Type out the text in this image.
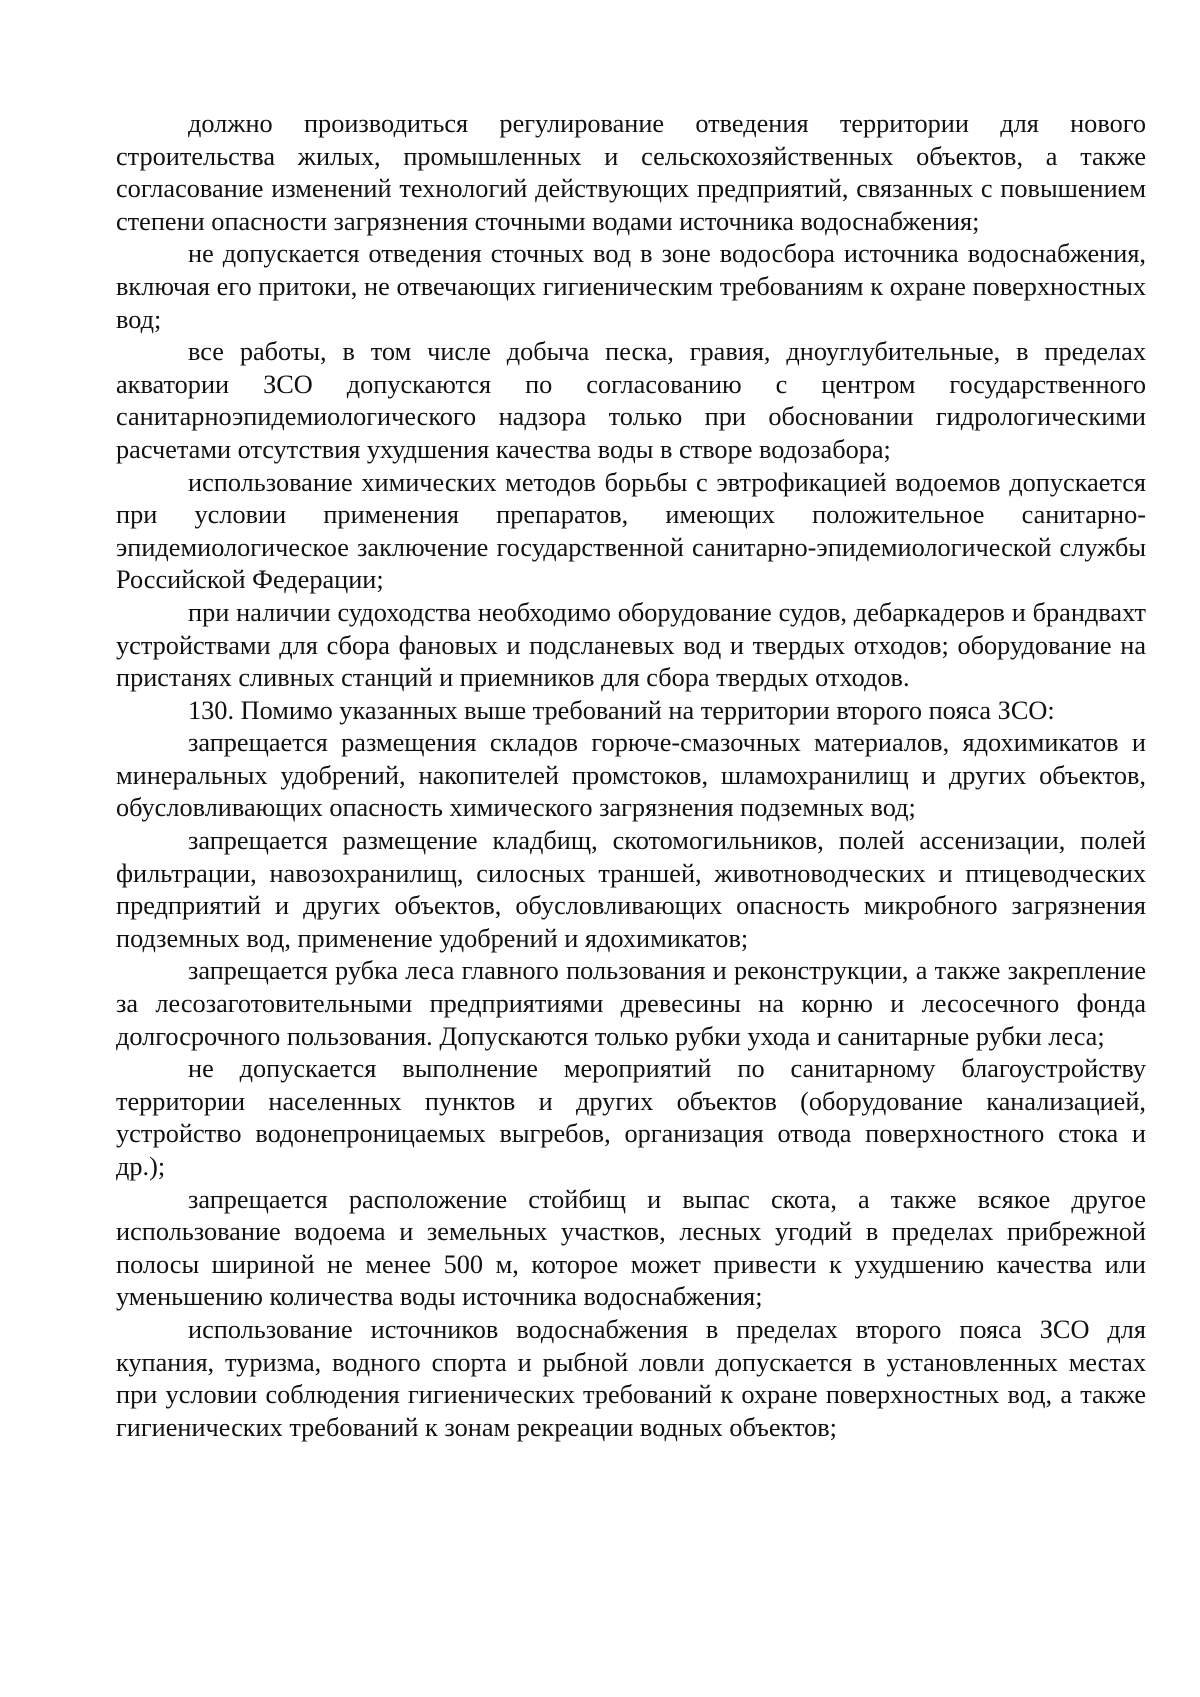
должно производиться регулирование отведения территории для нового строительства жилых, промышленных и сельскохозяйственных объектов, а также согласование изменений технологий действующих предприятий, связанных с повышением степени опасности загрязнения сточными водами источника водоснабжения;

не допускается отведения сточных вод в зоне водосбора источника водоснабжения, включая его притоки, не отвечающих гигиеническим требованиям к охране поверхностных вод;

все работы, в том числе добыча песка, гравия, дноуглубительные, в пределах акватории ЗСО допускаются по согласованию с центром государственного санитарноэпидемиологического надзора только при обосновании гидрологическими расчетами отсутствия ухудшения качества воды в створе водозабора;

использование химических методов борьбы с эвтрофикацией водоемов допускается при условии применения препаратов, имеющих положительное санитарно-эпидемиологическое заключение государственной санитарно-эпидемиологической службы Российской Федерации;

при наличии судоходства необходимо оборудование судов, дебаркадеров и брандвахт устройствами для сбора фановых и подсланевых вод и твердых отходов; оборудование на пристанях сливных станций и приемников для сбора твердых отходов.

130. Помимо указанных выше требований на территории второго пояса ЗСО:

запрещается размещения складов горюче-смазочных материалов, ядохимикатов и минеральных удобрений, накопителей промстоков, шламохранилищ и других объектов, обусловливающих опасность химического загрязнения подземных вод;

запрещается размещение кладбищ, скотомогильников, полей ассенизации, полей фильтрации, навозохранилищ, силосных траншей, животноводческих и птицеводческих предприятий и других объектов, обусловливающих опасность микробного загрязнения подземных вод, применение удобрений и ядохимикатов;

запрещается рубка леса главного пользования и реконструкции, а также закрепление за лесозаготовительными предприятиями древесины на корню и лесосечного фонда долгосрочного пользования. Допускаются только рубки ухода и санитарные рубки леса;

не допускается выполнение мероприятий по санитарному благоустройству территории населенных пунктов и других объектов (оборудование канализацией, устройство водонепроницаемых выгребов, организация отвода поверхностного стока и др.);

запрещается расположение стойбищ и выпас скота, а также всякое другое использование водоема и земельных участков, лесных угодий в пределах прибрежной полосы шириной не менее 500 м, которое может привести к ухудшению качества или уменьшению количества воды источника водоснабжения;

использование источников водоснабжения в пределах второго пояса ЗСО для купания, туризма, водного спорта и рыбной ловли допускается в установленных местах при условии соблюдения гигиенических требований к охране поверхностных вод, а также гигиенических требований к зонам рекреации водных объектов;
